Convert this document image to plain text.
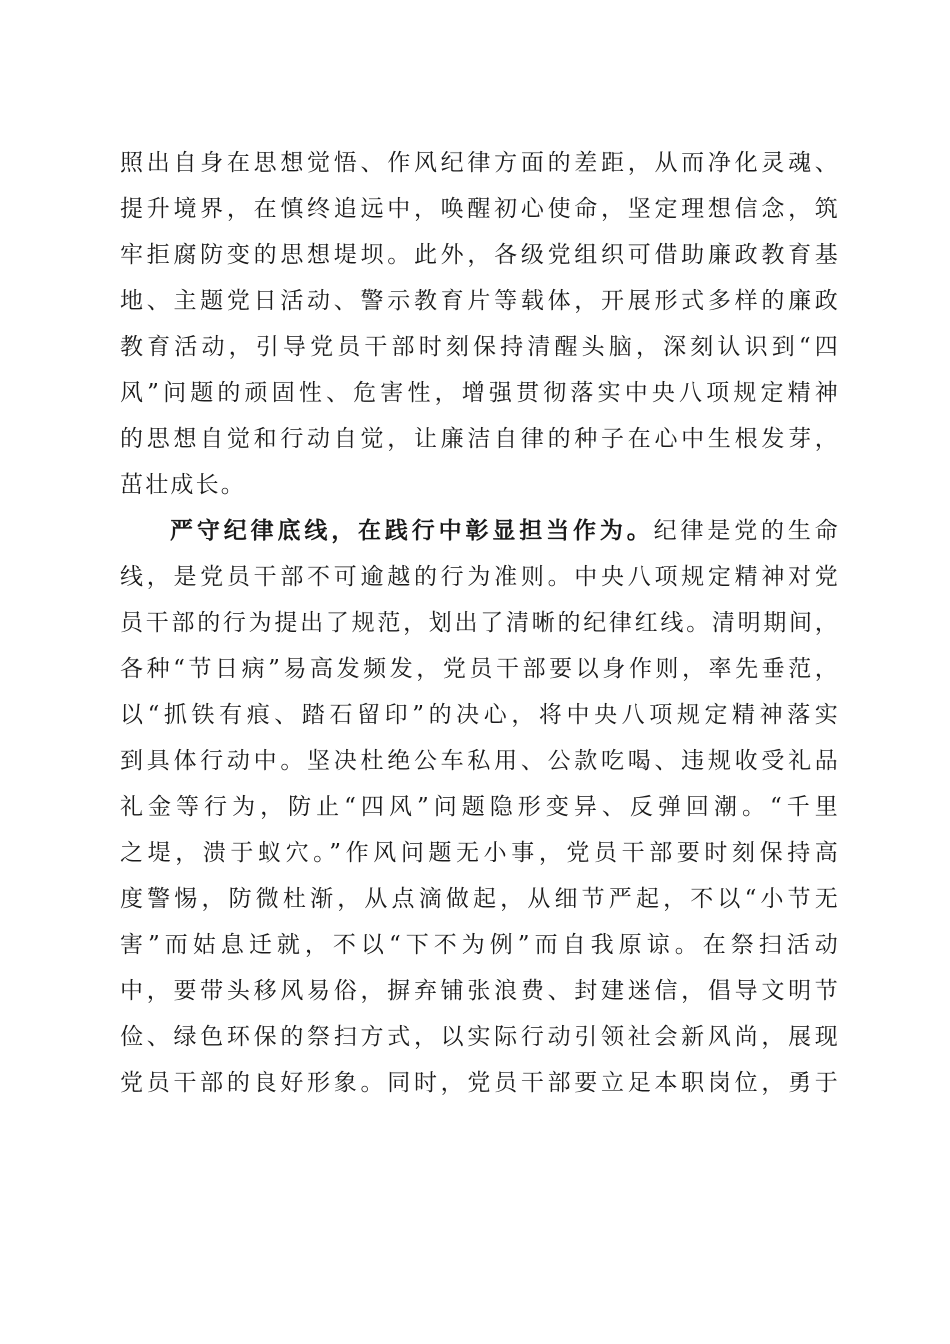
照出自身在思想觉悟、作风纪律方面的差距，从而净化灵魂、
提升境界，在慎终追远中，唤醒初心使命，坚定理想信念，筑
牢拒腐防变的思想堤坝。此外，各级党组织可借助廉政教育基
地、主题党日活动、警示教育片等载体，开展形式多样的廉政
教育活动，引导党员干部时刻保持清醒头脑，深刻认识到“四
风”问题的顽固性、危害性，增强贯彻落实中央八项规定精神
的思想自觉和行动自觉，让廉洁自律的种子在心中生根发芽，
茁壮成长。
严守纪律底线，在践行中彰显担当作为。纪律是党的生命
线，是党员干部不可逾越的行为准则。中央八项规定精神对党
员干部的行为提出了规范，划出了清晰的纪律红线。清明期间，
各种“节日病”易高发频发，党员干部要以身作则，率先垂范，
以“抓铁有痕、踏石留印”的决心，将中央八项规定精神落实
到具体行动中。坚决杜绝公车私用、公款吃喝、违规收受礼品
礼金等行为，防止“四风”问题隐形变异、反弹回潮。“千里
之堤，溃于蚁穴。”作风问题无小事，党员干部要时刻保持高
度警惕，防微杜渐，从点滴做起，从细节严起，不以“小节无
害”而姑息迁就，不以“下不为例”而自我原谅。在祭扫活动
中，要带头移风易俗，摒弃铺张浪费、封建迷信，倡导文明节
俭、绿色环保的祭扫方式，以实际行动引领社会新风尚，展现
党员干部的良好形象。同时，党员干部要立足本职岗位，勇于
